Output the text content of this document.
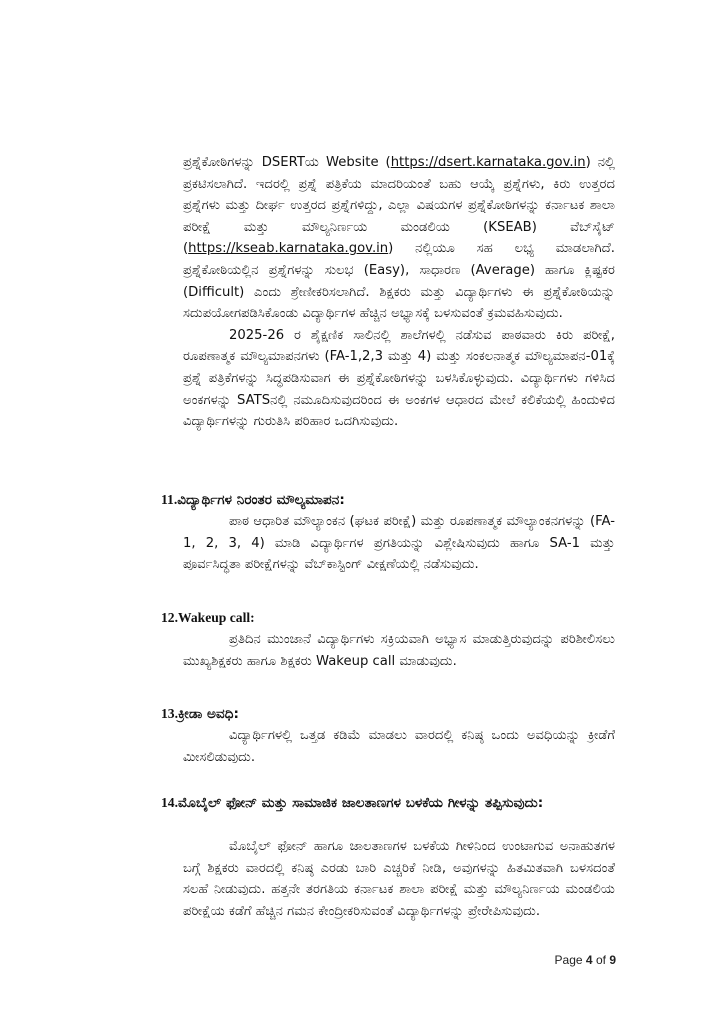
ಪ್ರಶ್ನೆಕೋಠಿಗಳನ್ನು DSERTಯ Website (https://dsert.karnataka.gov.in) ನಲ್ಲಿ ಪ್ರಕಟಿಸಲಾಗಿದೆ. ಇದರಲ್ಲಿ ಪ್ರಶ್ನೆ ಪತ್ರಿಕೆಯ ಮಾದರಿಯಂತೆ ಬಹು ಆಯ್ಕೆ ಪ್ರಶ್ನೆಗಳು, ಕಿರು ಉತ್ತರದ ಪ್ರಶ್ನೆಗಳು ಮತ್ತು ದೀರ್ಘ ಉತ್ತರದ ಪ್ರಶ್ನೆಗಳಿದ್ದು, ಎಲ್ಲಾ ವಿಷಯಗಳ ಪ್ರಶ್ನೆಕೋಠಿಗಳನ್ನು ಕರ್ನಾಟಕ ಶಾಲಾ ಪರೀಕ್ಷೆ ಮತ್ತು ಮೌಲ್ಯನಿರ್ಣಯ ಮಂಡಲಿಯ (KSEAB) ವೆಬ್‌ಸೈಟ್ (https://kseab.karnataka.gov.in) ನಲ್ಲಿಯೂ ಸಹ ಲಭ್ಯ ಮಾಡಲಾಗಿದೆ. ಪ್ರಶ್ನೆಕೋಠಿಯಲ್ಲಿನ ಪ್ರಶ್ನೆಗಳನ್ನು ಸುಲಭ (Easy), ಸಾಧಾರಣ (Average) ಹಾಗೂ ಕ್ಲಿಷ್ಟಕರ (Difficult) ಎಂದು ಶ್ರೇಣೀಕರಿಸಲಾಗಿದೆ. ಶಿಕ್ಷಕರು ಮತ್ತು ವಿದ್ಯಾರ್ಥಿಗಳು ಈ ಪ್ರಶ್ನೆಕೋಠಿಯನ್ನು ಸದುಪಯೋಗಪಡಿಸಿಕೊಂಡು ವಿದ್ಯಾರ್ಥಿಗಳ ಹೆಚ್ಚಿನ ಅಭ್ಯಾಸಕ್ಕೆ ಬಳಸುವಂತೆ ಕ್ರಮವಹಿಸುವುದು.

2025-26 ರ ಶೈಕ್ಷಣಿಕ ಸಾಲಿನಲ್ಲಿ ಶಾಲೆಗಳಲ್ಲಿ ನಡೆಸುವ ಪಾಠವಾರು ಕಿರು ಪರೀಕ್ಷೆ, ರೂಪಣಾತ್ಮಕ ಮೌಲ್ಯಮಾಪನಗಳು (FA-1,2,3 ಮತ್ತು 4) ಮತ್ತು ಸಂಕಲನಾತ್ಮಕ ಮೌಲ್ಯಮಾಪನ-01ಕ್ಕೆ ಪ್ರಶ್ನೆ ಪತ್ರಿಕೆಗಳನ್ನು ಸಿದ್ಧಪಡಿಸುವಾಗ ಈ ಪ್ರಶ್ನೆಕೋಠಿಗಳನ್ನು ಬಳಸಿಕೊಳ್ಳುವುದು. ವಿದ್ಯಾರ್ಥಿಗಳು ಗಳಿಸಿದ ಅಂಕಗಳನ್ನು SATSನಲ್ಲಿ ನಮೂದಿಸುವುದರಿಂದ ಈ ಅಂಕಗಳ ಆಧಾರದ ಮೇಲೆ ಕಲಿಕೆಯಲ್ಲಿ ಹಿಂದುಳಿದ ವಿದ್ಯಾರ್ಥಿಗಳನ್ನು ಗುರುತಿಸಿ ಪರಿಹಾರ ಒದಗಿಸುವುದು.

11.ವಿದ್ಯಾರ್ಥಿಗಳ ನಿರಂತರ ಮೌಲ್ಯಮಾಪನ:

ಪಾಠ ಆಧಾರಿತ ಮೌಲ್ಯಾಂಕನ (ಘಟಕ ಪರೀಕ್ಷೆ) ಮತ್ತು ರೂಪಣಾತ್ಮಕ ಮೌಲ್ಯಾಂಕನಗಳನ್ನು (FA-1, 2, 3, 4) ಮಾಡಿ ವಿದ್ಯಾರ್ಥಿಗಳ ಪ್ರಗತಿಯನ್ನು ವಿಶ್ಲೇಷಿಸುವುದು ಹಾಗೂ SA-1 ಮತ್ತು ಪೂರ್ವಸಿದ್ಧತಾ ಪರೀಕ್ಷೆಗಳನ್ನು ವೆಬ್‌ಕಾಸ್ಟಿಂಗ್ ವೀಕ್ಷಣೆಯಲ್ಲಿ ನಡೆಸುವುದು.

12.Wakeup call:

ಪ್ರತಿದಿನ ಮುಂಜಾನೆ ವಿದ್ಯಾರ್ಥಿಗಳು ಸಕ್ರಿಯವಾಗಿ ಅಭ್ಯಾಸ ಮಾಡುತ್ತಿರುವುದನ್ನು ಪರಿಶೀಲಿಸಲು ಮುಖ್ಯಶಿಕ್ಷಕರು ಹಾಗೂ ಶಿಕ್ಷಕರು Wakeup call ಮಾಡುವುದು.

13.ಕ್ರೀಡಾ ಅವಧಿ:

ವಿದ್ಯಾರ್ಥಿಗಳಲ್ಲಿ ಒತ್ತಡ ಕಡಿಮೆ ಮಾಡಲು ವಾರದಲ್ಲಿ ಕನಿಷ್ಠ ಒಂದು ಅವಧಿಯನ್ನು ಕ್ರೀಡೆಗೆ ಮೀಸಲಿಡುವುದು.

14.ಮೊಬೈಲ್ ಫೋನ್ ಮತ್ತು ಸಾಮಾಜಿಕ ಜಾಲತಾಣಗಳ ಬಳಕೆಯ ಗೀಳನ್ನು ತಪ್ಪಿಸುವುದು:

ಮೊಬೈಲ್ ಫೋನ್ ಹಾಗೂ ಜಾಲತಾಣಗಳ ಬಳಕೆಯ ಗೀಳಿನಿಂದ ಉಂಟಾಗುವ ಅನಾಹುತಗಳ ಬಗ್ಗೆ ಶಿಕ್ಷಕರು ವಾರದಲ್ಲಿ ಕನಿಷ್ಠ ಎರಡು ಬಾರಿ ಎಚ್ಚರಿಕೆ ನೀಡಿ, ಅವುಗಳನ್ನು ಹಿತಮಿತವಾಗಿ ಬಳಸದಂತೆ ಸಲಹೆ ನೀಡುವುದು. ಹತ್ತನೇ ತರಗತಿಯ ಕರ್ನಾಟಕ ಶಾಲಾ ಪರೀಕ್ಷೆ ಮತ್ತು ಮೌಲ್ಯನಿರ್ಣಯ ಮಂಡಲಿಯ ಪರೀಕ್ಷೆಯ ಕಡೆಗೆ ಹೆಚ್ಚಿನ ಗಮನ ಕೇಂದ್ರೀಕರಿಸುವಂತೆ ವಿದ್ಯಾರ್ಥಿಗಳನ್ನು ಪ್ರೇರೇಪಿಸುವುದು.

Page 4 of 9
